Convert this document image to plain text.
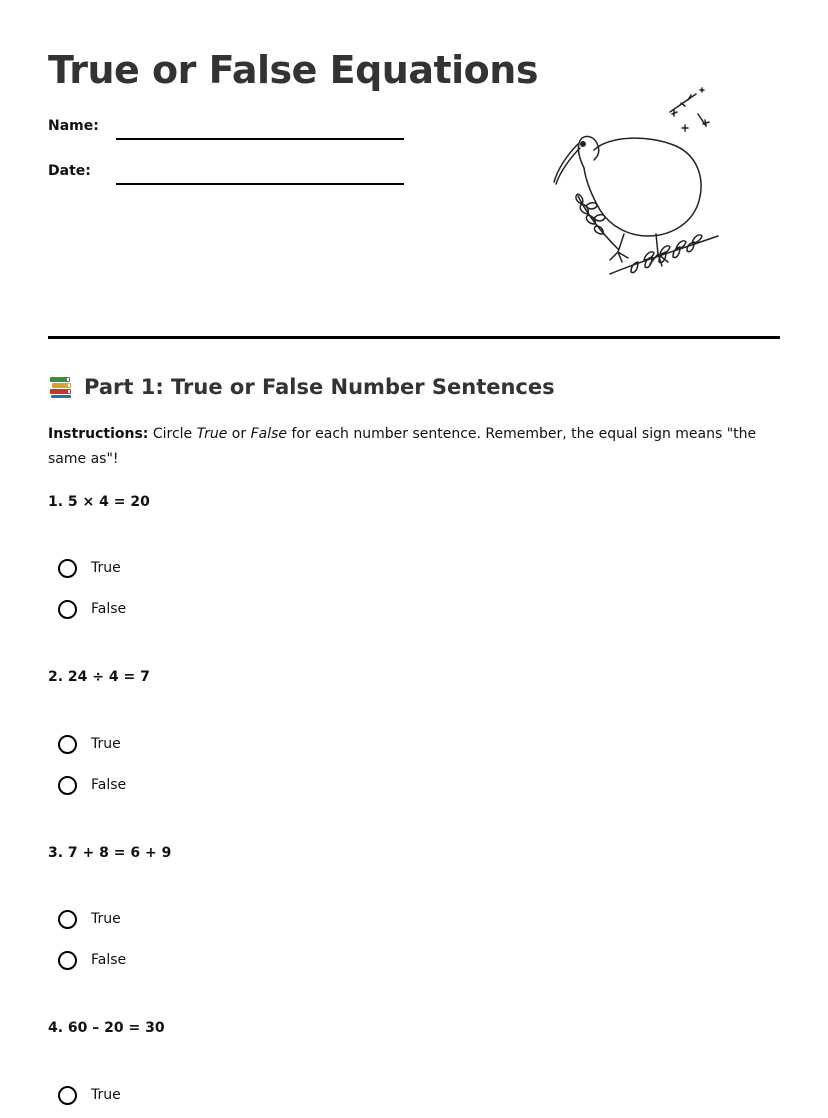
True or False Equations
Name:
Date:
Part 1: True or False Number Sentences

Instructions: Circle True or False for each number sentence. Remember, the equal sign means "the same as"!

1. 5 × 4 = 20
True
False
2. 24 ÷ 4 = 7
True
False
3. 7 + 8 = 6 + 9
True
False
4. 60 – 20 = 30
True
